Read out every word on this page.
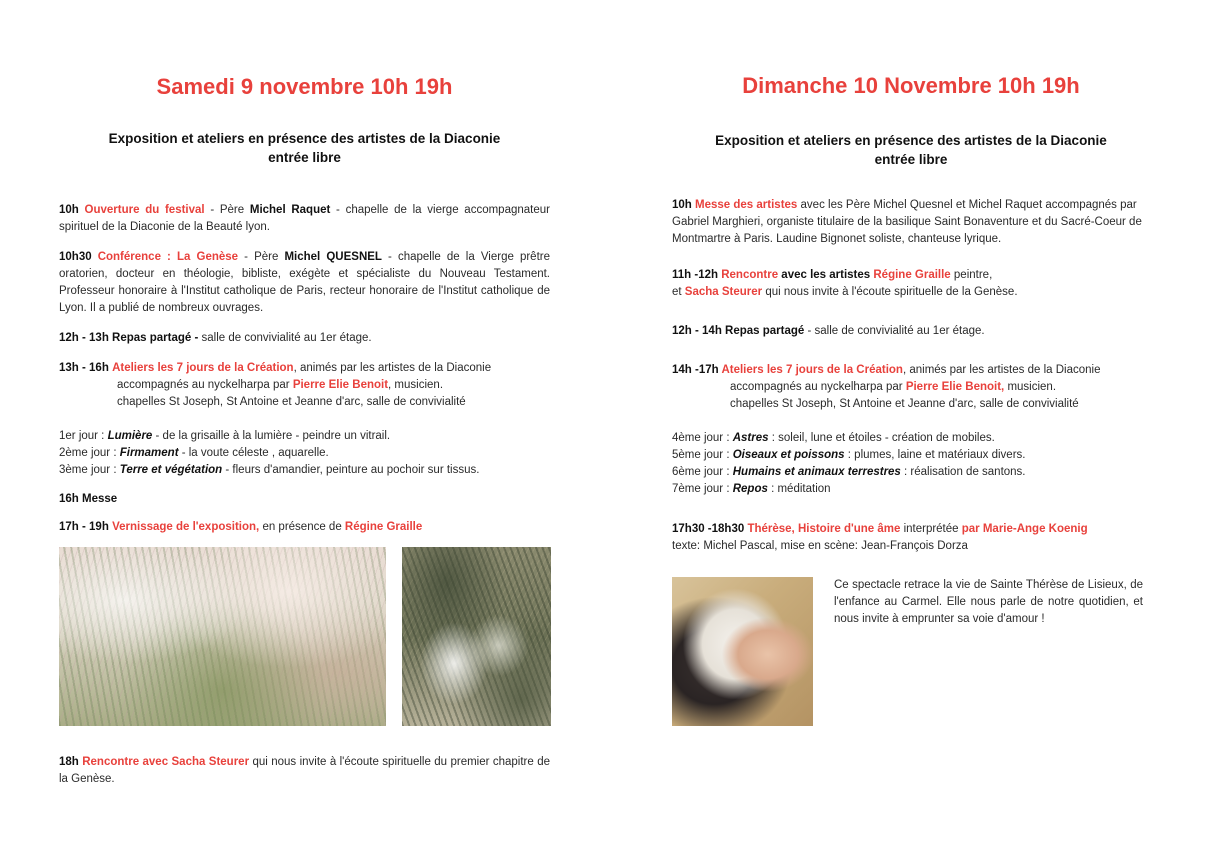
Samedi 9 novembre 10h 19h
Exposition et ateliers en présence des artistes de la Diaconie
entrée libre
10h Ouverture du festival - Père Michel Raquet - chapelle de la vierge accompagnateur spirituel de la Diaconie de la Beauté lyon.
10h30 Conférence : La Genèse - Père Michel QUESNEL - chapelle de la Vierge prêtre oratorien, docteur en théologie, bibliste, exégète et spécialiste du Nouveau Testament. Professeur honoraire à l'Institut catholique de Paris, recteur honoraire de l'Institut catholique de Lyon. Il a publié de nombreux ouvrages.
12h - 13h Repas partagé - salle de convivialité au 1er étage.
13h - 16h Ateliers les 7 jours de la Création, animés par les artistes de la Diaconie
accompagnés au nyckelharpa par Pierre Elie Benoit, musicien.
chapelles St Joseph, St Antoine et Jeanne d'arc, salle de convivialité
1er jour : Lumière - de la grisaille à la lumière - peindre un vitrail.
2ème jour : Firmament - la voute céleste , aquarelle.
3ème jour : Terre et végétation - fleurs d'amandier, peinture au pochoir sur tissus.
16h Messe
17h - 19h Vernissage de l'exposition, en présence de Régine Graille
18h Rencontre avec Sacha Steurer qui nous invite à l'écoute spirituelle du premier chapitre de la Genèse.
Dimanche 10 Novembre 10h 19h
Exposition et ateliers en présence des artistes de la Diaconie
entrée libre
10h Messe des artistes avec les Père Michel Quesnel et Michel Raquet accompagnés par Gabriel Marghieri, organiste titulaire de la basilique Saint Bonaventure et du Sacré-Coeur de Montmartre à Paris. Laudine Bignonet soliste, chanteuse lyrique.
11h -12h Rencontre avec les artistes Régine Graille peintre,
et Sacha Steurer qui nous invite à l'écoute spirituelle de la Genèse.
12h - 14h Repas partagé - salle de convivialité au 1er étage.
14h -17h Ateliers les 7 jours de la Création, animés par les artistes de la Diaconie
accompagnés au nyckelharpa par Pierre Elie Benoit, musicien.
chapelles St Joseph, St Antoine et Jeanne d'arc, salle de convivialité
4ème jour : Astres : soleil, lune et étoiles - création de mobiles.
5ème jour : Oiseaux et poissons : plumes, laine et matériaux divers.
6ème jour : Humains et animaux terrestres : réalisation de santons.
7ème jour : Repos : méditation
17h30 -18h30 Thérèse, Histoire d'une âme interprétée par Marie-Ange Koenig
texte: Michel Pascal, mise en scène: Jean-François Dorza
Ce spectacle retrace la vie de Sainte Thérèse de Lisieux, de l'enfance au Carmel. Elle nous parle de notre quotidien, et nous invite à emprunter sa voie d'amour !
